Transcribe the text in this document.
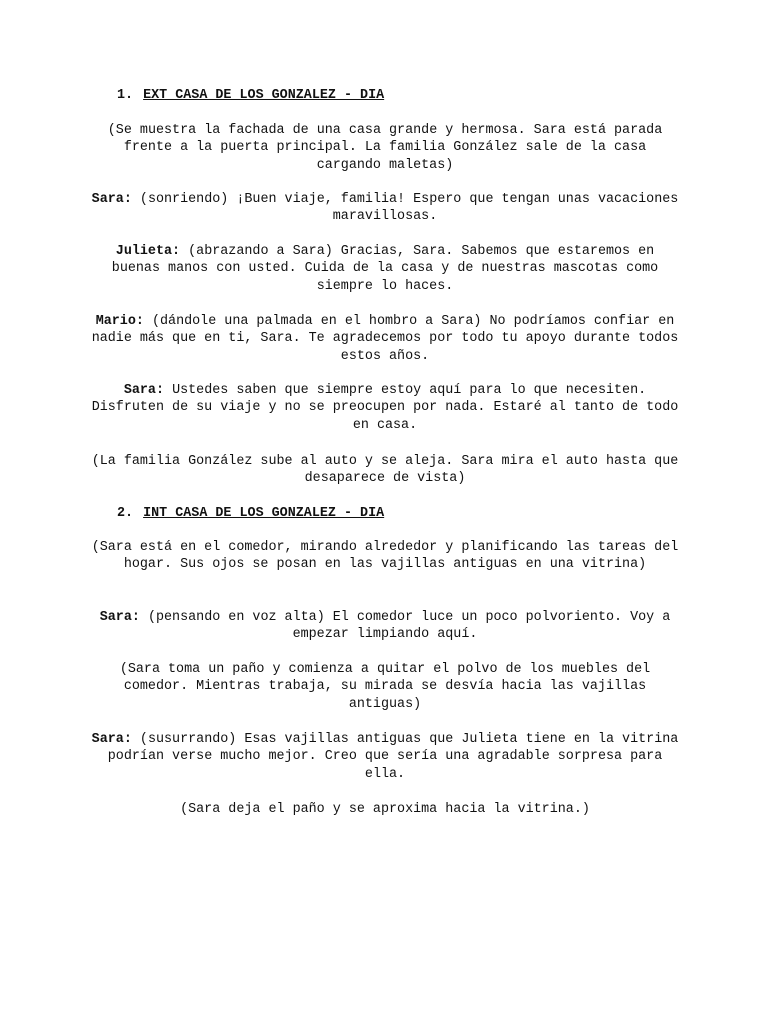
1. EXT CASA DE LOS GONZALEZ - DIA
(Se muestra la fachada de una casa grande y hermosa. Sara está parada frente a la puerta principal. La familia González sale de la casa cargando maletas)
Sara: (sonriendo) ¡Buen viaje, familia! Espero que tengan unas vacaciones maravillosas.
Julieta: (abrazando a Sara) Gracias, Sara. Sabemos que estaremos en buenas manos con usted. Cuida de la casa y de nuestras mascotas como siempre lo haces.
Mario: (dándole una palmada en el hombro a Sara) No podríamos confiar en nadie más que en ti, Sara. Te agradecemos por todo tu apoyo durante todos estos años.
Sara: Ustedes saben que siempre estoy aquí para lo que necesiten. Disfruten de su viaje y no se preocupen por nada. Estaré al tanto de todo en casa.
(La familia González sube al auto y se aleja. Sara mira el auto hasta que desaparece de vista)
2. INT CASA DE LOS GONZALEZ - DIA
(Sara está en el comedor, mirando alrededor y planificando las tareas del hogar. Sus ojos se posan en las vajillas antiguas en una vitrina)
Sara: (pensando en voz alta) El comedor luce un poco polvoriento. Voy a empezar limpiando aquí.
(Sara toma un paño y comienza a quitar el polvo de los muebles del comedor. Mientras trabaja, su mirada se desvía hacia las vajillas antiguas)
Sara: (susurrando) Esas vajillas antiguas que Julieta tiene en la vitrina podrían verse mucho mejor. Creo que sería una agradable sorpresa para ella.
(Sara deja el paño y se aproxima hacia la vitrina.)
